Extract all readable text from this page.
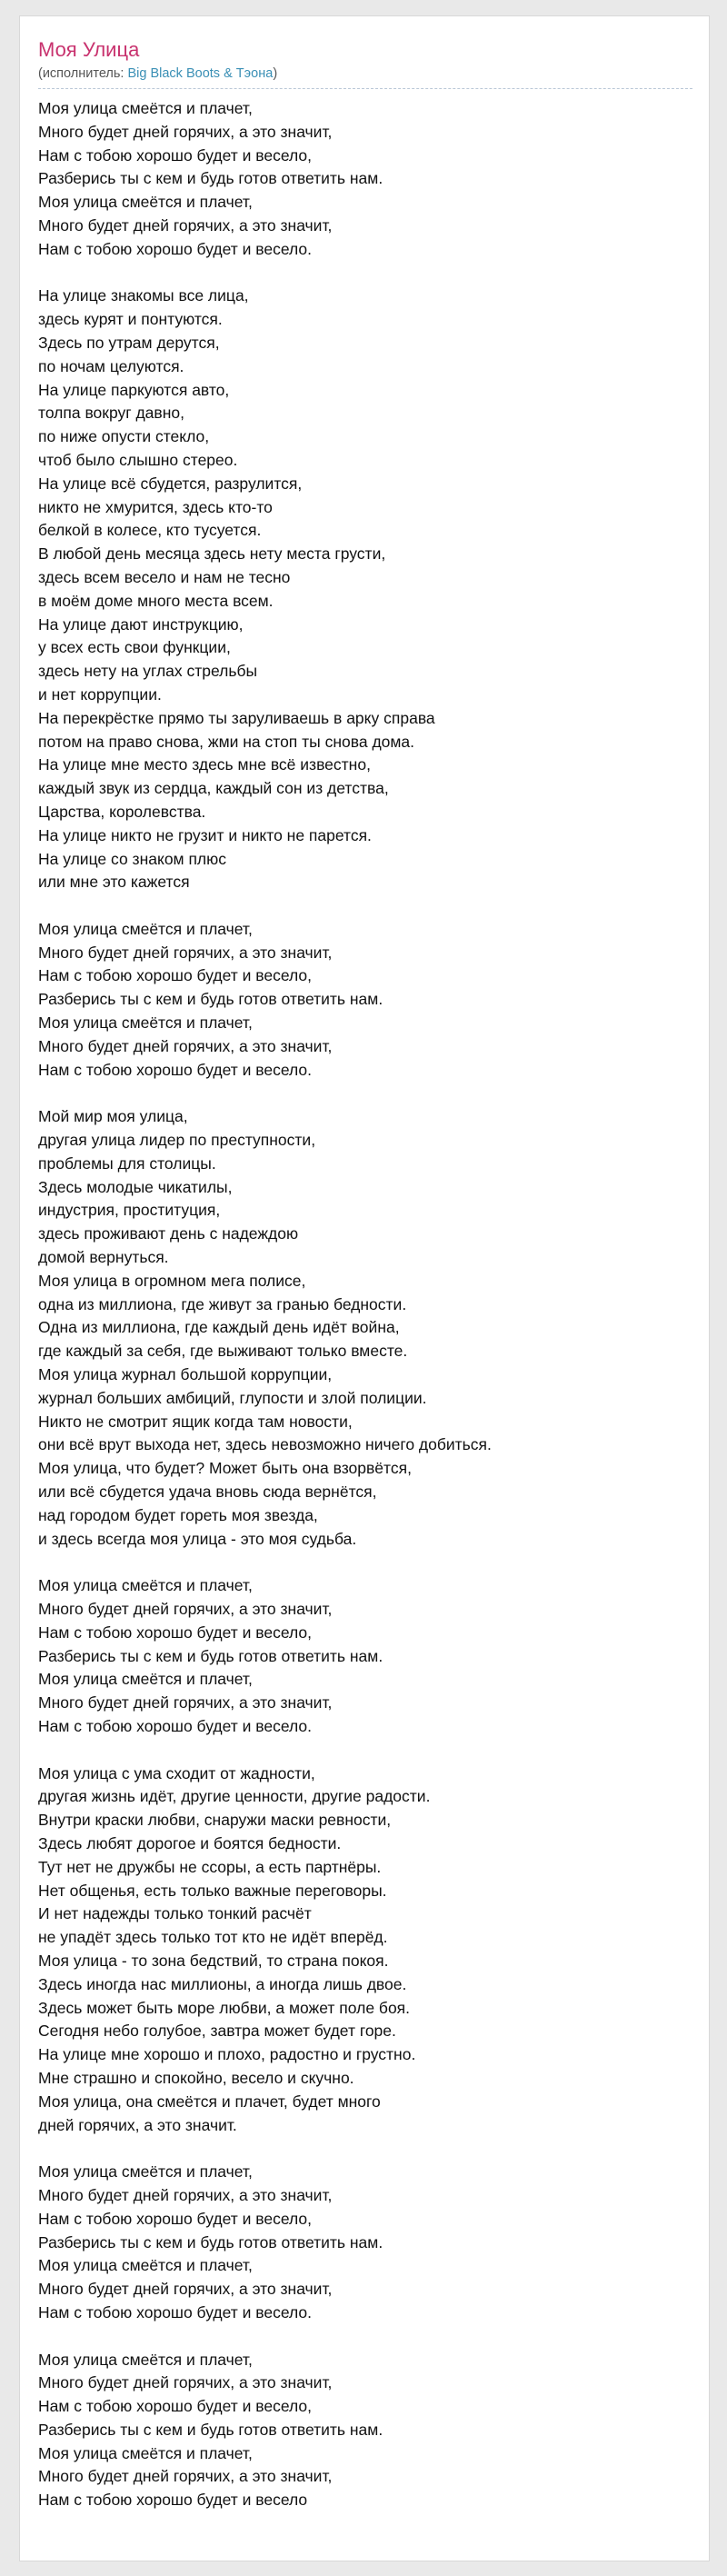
Моя Улица
(исполнитель: Big Black Boots & Тэона)
Моя улица смеётся и плачет,
Много будет дней горячих, а это значит,
Нам с тобою хорошо будет и весело,
Разберись ты с кем и будь готов ответить нам.
Моя улица смеётся и плачет,
Много будет дней горячих, а это значит,
Нам с тобою хорошо будет и весело.
На улице знакомы все лица,
здесь курят и понтуются.
Здесь по утрам дерутся,
по ночам целуются.
На улице паркуются авто,
толпа вокруг давно,
по ниже опусти стекло,
чтоб было слышно стерео.
На улице всё сбудется, разрулится,
никто не хмурится, здесь кто-то
белкой в колесе, кто тусуется.
В любой день месяца здесь нету места грусти,
здесь всем весело и нам не тесно
в моём доме много места всем.
На улице дают инструкцию,
у всех есть свои функции,
здесь нету на углах стрельбы
и нет коррупции.
На перекрёстке прямо ты заруливаешь в арку справа
потом на право снова, жми на стоп ты снова дома.
На улице мне место здесь мне всё известно,
каждый звук из сердца, каждый сон из детства,
Царства, королевства.
На улице никто не грузит и никто не парется.
На улице со знаком плюс
или мне это кажется
Моя улица смеётся и плачет,
Много будет дней горячих, а это значит,
Нам с тобою хорошо будет и весело,
Разберись ты с кем и будь готов ответить нам.
Моя улица смеётся и плачет,
Много будет дней горячих, а это значит,
Нам с тобою хорошо будет и весело.
Мой мир моя улица,
другая улица лидер по преступности,
проблемы для столицы.
Здесь молодые чикатилы,
индустрия, проституция,
здесь проживают день с надеждою
домой вернуться.
Моя улица в огромном мега полисе,
одна из миллиона, где живут за гранью бедности.
Одна из миллиона, где каждый день идёт война,
где каждый за себя, где выживают только вместе.
Моя улица журнал большой коррупции,
журнал больших амбиций, глупости и злой полиции.
Никто не смотрит ящик когда там новости,
они всё врут выхода нет, здесь невозможно ничего добиться.
Моя улица, что будет? Может быть она взорвётся,
или всё сбудется удача вновь сюда вернётся,
над городом будет гореть моя звезда,
и здесь всегда моя улица - это моя судьба.
Моя улица смеётся и плачет,
Много будет дней горячих, а это значит,
Нам с тобою хорошо будет и весело,
Разберись ты с кем и будь готов ответить нам.
Моя улица смеётся и плачет,
Много будет дней горячих, а это значит,
Нам с тобою хорошо будет и весело.
Моя улица с ума сходит от жадности,
другая жизнь идёт, другие ценности, другие радости.
Внутри краски любви, снаружи маски ревности,
Здесь любят дорогое и боятся бедности.
Тут нет не дружбы не ссоры, а есть партнёры.
Нет общенья, есть только важные переговоры.
И нет надежды только тонкий расчёт
не упадёт здесь только тот кто не идёт вперёд.
Моя улица - то зона бедствий, то страна покоя.
Здесь иногда нас миллионы, а иногда лишь двое.
Здесь может быть море любви, а может поле боя.
Сегодня небо голубое, завтра может будет горе.
На улице мне хорошо и плохо, радостно и грустно.
Мне страшно и спокойно, весело и скучно.
Моя улица, она смеётся и плачет, будет много
дней горячих, а это значит.
Моя улица смеётся и плачет,
Много будет дней горячих, а это значит,
Нам с тобою хорошо будет и весело,
Разберись ты с кем и будь готов ответить нам.
Моя улица смеётся и плачет,
Много будет дней горячих, а это значит,
Нам с тобою хорошо будет и весело.
Моя улица смеётся и плачет,
Много будет дней горячих, а это значит,
Нам с тобою хорошо будет и весело,
Разберись ты с кем и будь готов ответить нам.
Моя улица смеётся и плачет,
Много будет дней горячих, а это значит,
Нам с тобою хорошо будет и весело
